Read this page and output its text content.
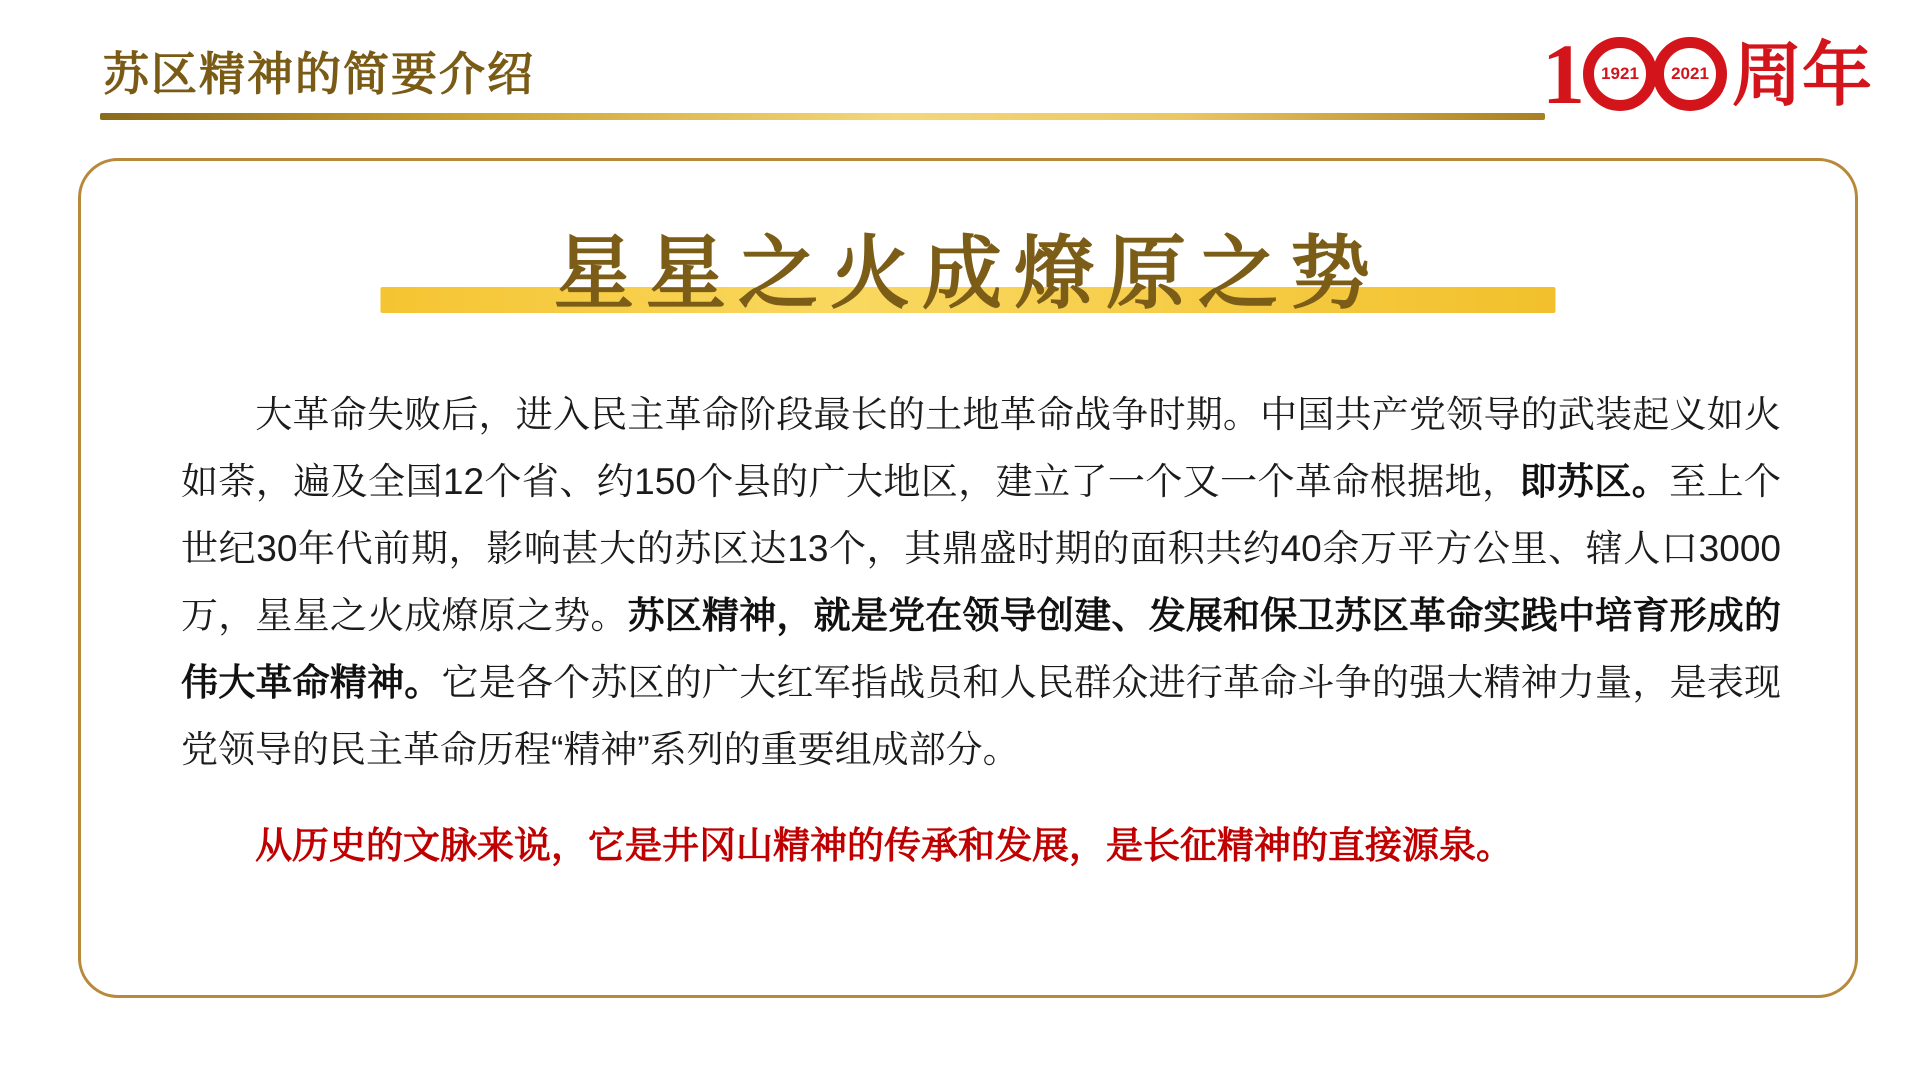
苏区精神的简要介绍	1 1921 2021 周年
星星之火成燎原之势
大革命失败后，进入民主革命阶段最长的土地革命战争时期。中国共产党领导的武装起义如火如荼，遍及全国12个省、约150个县的广大地区，建立了一个又一个革命根据地，即苏区。至上个世纪30年代前期，影响甚大的苏区达13个，其鼎盛时期的面积共约40余万平方公里、辖人口3000万，星星之火成燎原之势。苏区精神，就是党在领导创建、发展和保卫苏区革命实践中培育形成的伟大革命精神。它是各个苏区的广大红军指战员和人民群众进行革命斗争的强大精神力量，是表现党领导的民主革命历程“精神”系列的重要组成部分。
从历史的文脉来说，它是井冈山精神的传承和发展，是长征精神的直接源泉。
